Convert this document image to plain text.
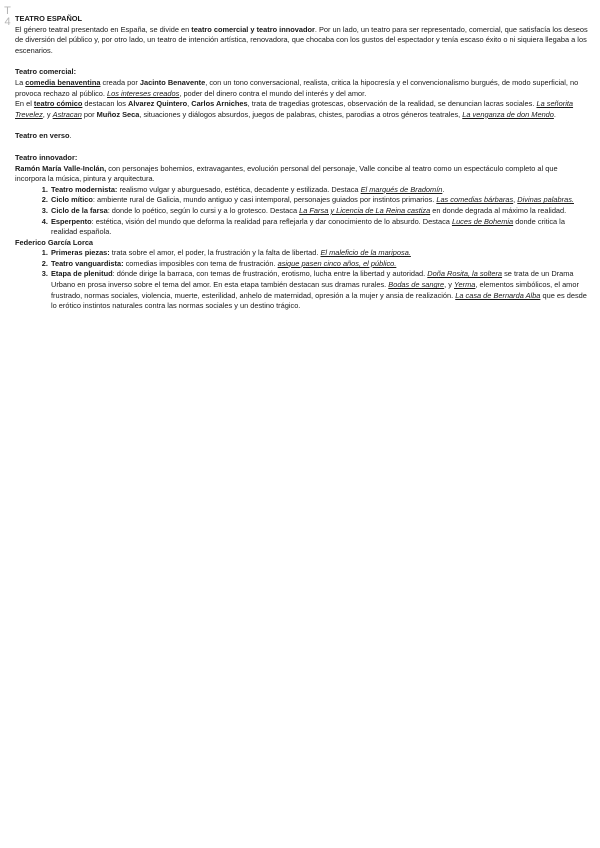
T
4 TEATRO ESPAÑOL

El género teatral presentado en España, se divide en teatro comercial y teatro innovador. Por un lado, un teatro para ser representado, comercial, que satisfacía los deseos de diversión del público y, por otro lado, un teatro de intención artística, renovadora, que chocaba con los gustos del espectador y tenía escaso éxito o ni siquiera llegaba a los escenarios.

Teatro comercial:

La comedia benaventina creada por Jacinto Benavente, con un tono conversacional, realista, critica la hipocresía y el convencionalismo burgués, de modo superficial, no provoca rechazo al público. Los intereses creados, poder del dinero contra el mundo del interés y del amor.

En el teatro cómico destacan los Alvarez Quintero, Carlos Arniches, trata de tragedias grotescas, observación de la realidad, se denuncian lacras sociales. La señorita Trevelez, y Astracan por Muñoz Seca, situaciones y diálogos absurdos, juegos de palabras, chistes, parodias a otros géneros teatrales, La venganza de don Mendo.

Teatro en verso.

Teatro innovador:

Ramón María Valle-Inclán, con personajes bohemios, extravagantes, evolución personal del personaje, Valle concibe al teatro como un espectáculo completo al que incorpora la música, pintura y arquitectura.

1. Teatro modernista: realismo vulgar y aburguesado, estética, decadente y estilizada. Destaca El marqués de Bradomín.
2. Ciclo mítico: ambiente rural de Galicia, mundo antiguo y casi intemporal, personajes guiados por instintos primarios. Las comedias bárbaras, Divinas palabras.
3. Ciclo de la farsa: donde lo poético, según lo cursi y a lo grotesco. Destaca La Farsa y Licencia de La Reina castiza en donde degrada al máximo la realidad.
4. Esperpento: estética, visión del mundo que deforma la realidad para reflejarla y dar conocimiento de lo absurdo. Destaca Luces de Bohemia donde critica la realidad española.

Federico García Lorca

1. Primeras piezas: trata sobre el amor, el poder, la frustración y la falta de libertad. El maleficio de la mariposa.
2. Teatro vanguardista: comedias imposibles con tema de frustración. asique pasen cinco años, el público.
3. Etapa de plenitud: dónde dirige la barraca, con temas de frustración, erotismo, lucha entre la libertad y autoridad. Doña Rosita, la soltera se trata de un Drama Urbano en prosa inverso sobre el tema del amor. En esta etapa también destacan sus dramas rurales. Bodas de sangre, y Yerma, elementos simbólicos, el amor frustrado, normas sociales, violencia, muerte, esterilidad, anhelo de maternidad, opresión a la mujer y ansia de realización. La casa de Bernarda Alba que es desde lo erótico instintos naturales contra las normas sociales y un destino trágico.
